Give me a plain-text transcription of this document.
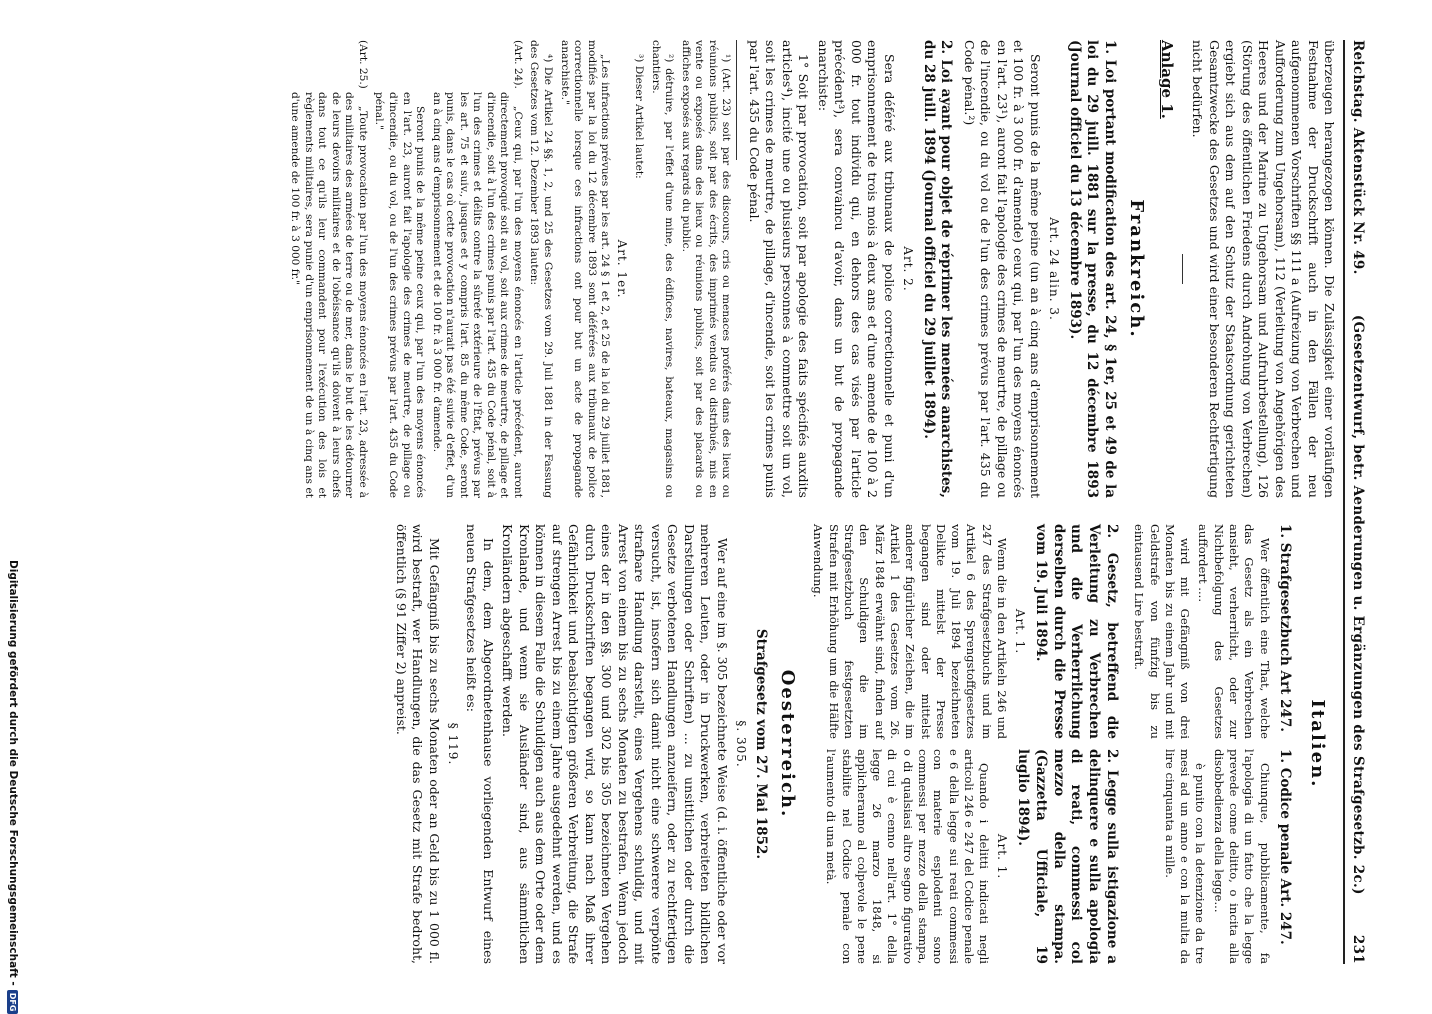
Reichstag. Aktenstück Nr. 49.
(Gesetzentwurf, betr. Aenderungen u. Ergänzungen des Strafgesetzb. 2c.)
231

überzeugen herangezogen können. Die Zulässigkeit einer vorläufigen Festnahme der Druckschrift auch in den Fällen der neu aufgenommenen Vorschriften §§ 111 a (Aufreizung von Verbrechen und Aufforderung zum Ungehorsam), 112 (Verleitung von Angehörigen des Heeres und der Marine zu Ungehorsam und Aufruhrbestellung), 126 (Störung des öffentlichen Friedens durch Androhung von Verbrechen) ergiebt sich aus dem auf den Schutz der Staatsordnung gerichteten Gesamtzwecke des Gesetzes und wird einer besonderen Rechtfertigung nicht bedürfen.

Anlage 1.
Frankreich.
1. Loi portant modification des art. 24, § 1er, 25 et 49 de la loi du 29 juill. 1881 sur la presse, du 12 décembre 1893 (Journal officiel du 13 décembre 1893).
Art. 24 alin. 3.

Seront punis de la même peine (un an à cinq ans d'emprisonnement et 100 fr. à 3 000 fr. d'amende) ceux qui, par l'un des moyens énoncés en l'art. 23¹), auront fait l'apologie des crimes de meurtre, de pillage ou de l'incendie, ou du vol ou de l'un des crimes prévus par l'art. 435 du Code pénal.²)

2. Loi ayant pour objet de réprimer les menées anarchistes, du 28 juill. 1894 (Journal officiel du 29 juillet 1894).
Art. 2.

Sera déféré aux tribunaux de police correctionnelle et puni d'un emprisonnement de trois mois à deux ans et d'une amende de 100 à 2 000 fr. tout individu qui, en dehors des cas visés par l'article précédent³), sera convaincu d'avoir, dans un but de propagande anarchiste:

1° Soit par provocation, soit par apologie des faits spécifiés auxdits articles⁴), incité une ou plusieurs personnes à commettre soit un vol, soit les crimes de meurtre, de pillage, d'incendie, soit les crimes punis par l'art. 435 du Code pénal.

¹) (Art. 23) soit par des discours, cris ou menaces proférés dans des lieux ou réunions publics, soit par des écrits, des imprimés vendus ou distribués, mis en vente ou exposés dans des lieux ou réunions publics, soit par des placards ou affiches exposés aux regards du public.

²) détruire, par l'effet d'une mine, des édifices, navires, bateaux, magasins ou chantiers.

³) Dieser Artikel lautet:

Art. 1er.

„Les infractions prévues par les art. 24 § 1 et 2, et 25 de la loi du 29 juillet 1881, modifiés par la loi du 12 décembre 1893 sont déférées aux tribunaux de police correctionnelle lorsque ces infractions ont pour but un acte de propagande anarchiste."

⁴) Die Artikel 24 §§. 1, 2, und 25 des Gesetzes vom 29. Juli 1881 in der Fassung des Gesetzes vom 12. Dezember 1893 lauten:

(Art. 24).

„Ceux qui, par l'un des moyens énoncés en l'article précédent, auront directement provoqué soit au vol, soit aux crimes de meurtre, de pillage et d'incendie, soit à l'un des crimes punis par l'art. 435 du Code pénal, soit à l'un des crimes et délits contre la sûreté extérieure de l'État, prévus par les art. 75 et suiv., jusques et y compris l'art. 85 du même Code, seront punis, dans le cas où cette provocation n'aurait pas été suivie d'effet, d'un an à cinq ans d'emprisonnement et de 100 fr. à 3 000 fr. d'amende.

Seront punis de la même peine ceux qui, par l'un des moyens énoncés en l'art. 23, auront fait l'apologie des crimes de meurtre, de pillage ou d'incendie, ou du vol, ou de l'un des crimes prévus par l'art. 435 du Code pénal."

(Art. 25.)

„Toute provocation par l'un des moyens énoncés en l'art. 23, adressée à des militaires des armées de terre ou de mer, dans le but de les détourner de leurs devoirs militaires et de l'obéissance qu'ils doivent à leurs chefs dans tout ce qu'ils leur commandent pour l'exécution des lois et règlements militaires, sera punie d'un emprisonnement de un à cinq ans et d'une amende de 100 fr. à 3 000 fr."

Italien.
1. Strafgesetzbuch Art 247.

Wer öffentlich eine That, welche das Gesetz als ein Verbrechen ansieht, verherrlicht, oder zur Nichtbefolgung des Gesetzes auffordert ....

wird mit Gefängniß von drei Monaten bis zu einem Jahr und mit Geldstrafe von fünfzig bis zu eintausend Lire bestraft.

1. Codice penale Art. 247.

Chiunque, pubblicamente, fa l'apologia di un fatto che la legge prevede come delitto, o incita alla disobbedienza della legge...

è punito con la detenzione da tre mesi ad un anno e con la multa da lire cinquanta a mille.

2. Gesetz, betreffend die Verleitung zu Verbrechen und die Verherrlichung derselben durch die Presse vom 19. Juli 1894.
Art. 1.

Wenn die in den Artikeln 246 und 247 des Strafgesetzbuchs und im Artikel 6 des Sprengstoffgesetzes vom 19. Juli 1894 bezeichneten Delikte mittelst der Presse begangen sind oder mittelst anderer figürlicher Zeichen, die im Artikel 1 des Gesetzes vom 26. März 1848 erwähnt sind, finden auf den Schuldigen die im Strafgesetzbuch festgesetzten Strafen mit Erhöhung um die Hälfte Anwendung.

2. Legge sulla istigazione a delinquere e sulla apologia di reati, commessi col mezzo della stampa. (Gazzetta Ufficiale, 19 luglio 1894).
Art. 1.

Quando i delitti indicati negli articoli 246 e 247 del Codice penale e 6 della legge sui reati commessi con materie esplodenti sono commessi per mezzo della stampa, o di qualsiasi altro segno figurativo di cui è cenno nell'art. 1° della legge 26 marzo 1848, si applicheranno al colpevole le pene stabilite nel Codice penale con l'aumento di una metà.

Oesterreich.
Strafgesetz vom 27. Mai 1852.
§. 305.

Wer auf eine im §. 305 bezeichnete Weise (d. i. öffentliche oder vor mehreren Leuten, oder in Druckwerken, verbreiteten bildlichen Darstellungen oder Schriften) ... zu unsittlichen oder durch die Gesetze verbotenen Handlungen anzueifern, oder zu rechtfertigen versucht, ist, insofern sich damit nicht eine schwerere verpönte strafbare Handlung darstellt, eines Vergehens schuldig, und mit Arrest von einem bis zu sechs Monaten zu bestrafen. Wenn jedoch eines der in den §§. 300 und 302 bis 305 bezeichneten Vergehen durch Druckschriften begangen wird, so kann nach Maß ihrer Gefährlichkeit und beabsichtigten größeren Verbreitung, die Strafe auf strengen Arrest bis zu einem Jahre ausgedehnt werden, und es können in diesem Falle die Schuldigen auch aus dem Orte oder dem Kronlande, und wenn sie Ausländer sind, aus sämmtlichen Kronländern abgeschafft werden.

In dem, dem Abgeordnetenhause vorliegenden Entwurf eines neuen Strafgesetzes heißt es:

§ 119.

Mit Gefängniß bis zu sechs Monaten oder an Geld bis zu 1 000 fl. wird bestraft, wer Handlungen, die das Gesetz mit Strafe bedroht, öffentlich (§ 91 Ziffer 2) anpreist.

Digitalisierung gefördert durch die Deutsche Forschungsgemeinschaft -
DFG
